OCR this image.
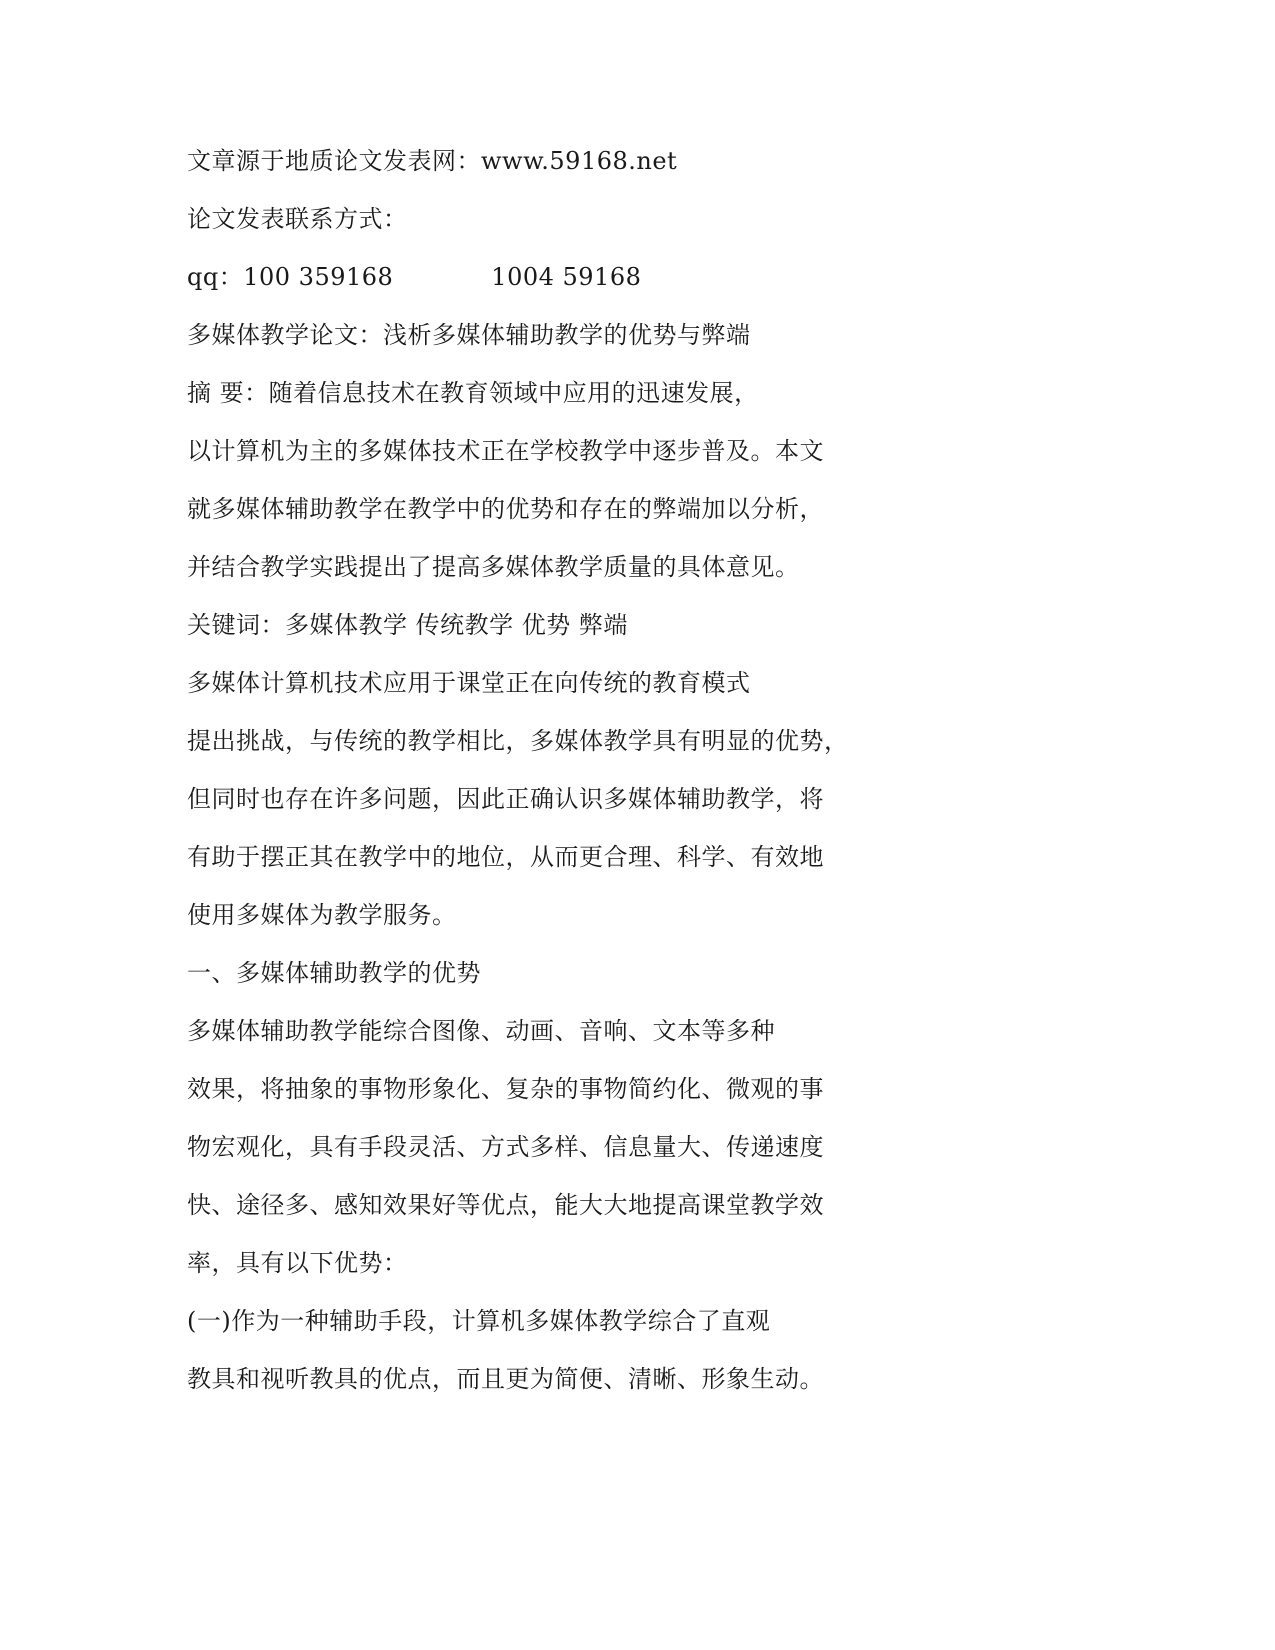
文章源于地质论文发表网：www.59168.net
论文发表联系方式：
qq：100 359168	1004 59168
多媒体教学论文：浅析多媒体辅助教学的优势与弊端
摘 要：随着信息技术在教育领域中应用的迅速发展，
以计算机为主的多媒体技术正在学校教学中逐步普及。本文
就多媒体辅助教学在教学中的优势和存在的弊端加以分析，
并结合教学实践提出了提高多媒体教学质量的具体意见。
关键词：多媒体教学 传统教学 优势 弊端
多媒体计算机技术应用于课堂正在向传统的教育模式
提出挑战，与传统的教学相比，多媒体教学具有明显的优势，
但同时也存在许多问题，因此正确认识多媒体辅助教学，将
有助于摆正其在教学中的地位，从而更合理、科学、有效地
使用多媒体为教学服务。
一、多媒体辅助教学的优势
多媒体辅助教学能综合图像、动画、音响、文本等多种
效果，将抽象的事物形象化、复杂的事物简约化、微观的事
物宏观化，具有手段灵活、方式多样、信息量大、传递速度
快、途径多、感知效果好等优点，能大大地提高课堂教学效
率，具有以下优势：
(一)作为一种辅助手段，计算机多媒体教学综合了直观
教具和视听教具的优点，而且更为简便、清晰、形象生动。
